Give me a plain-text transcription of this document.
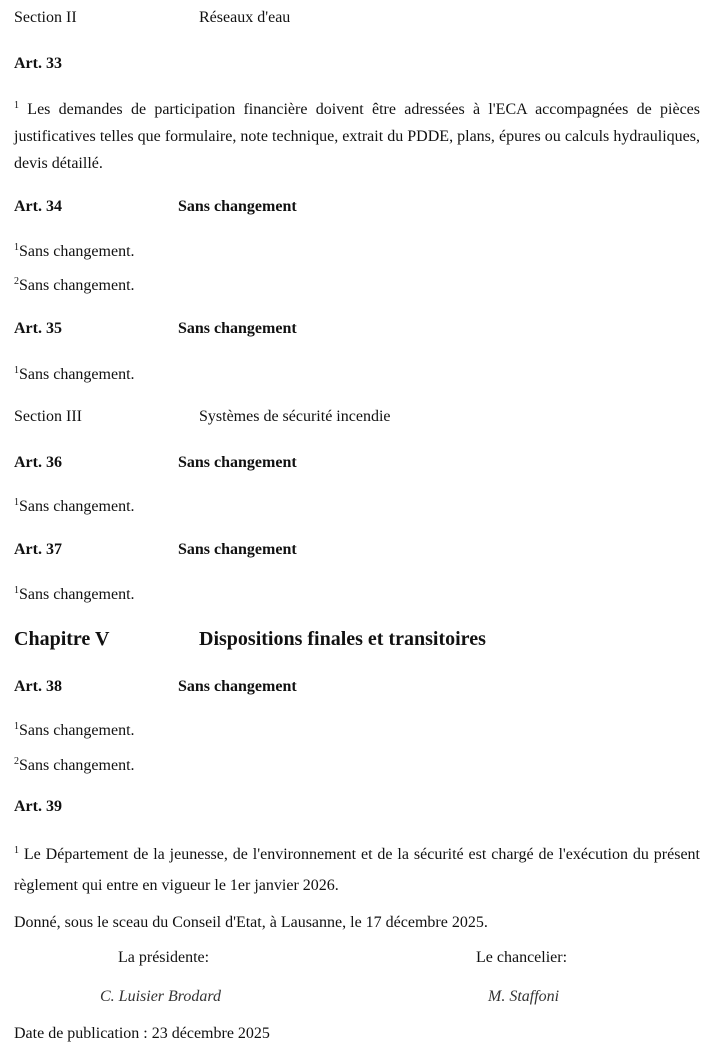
Section II	Réseaux d'eau
Art. 33
$^1$ Les demandes de participation financière doivent être adressées à l'ECA accompagnées de pièces justificatives telles que formulaire, note technique, extrait du PDDE, plans, épures ou calculs hydrauliques, devis détaillé.
Art. 34	Sans changement
$^1$Sans changement.
$^2$Sans changement.
Art. 35	Sans changement
$^1$Sans changement.
Section III	Systèmes de sécurité incendie
Art. 36	Sans changement
$^1$Sans changement.
Art. 37	Sans changement
$^1$Sans changement.
Chapitre V	Dispositions finales et transitoires
Art. 38	Sans changement
$^1$Sans changement.
$^2$Sans changement.
Art. 39
$^1$ Le Département de la jeunesse, de l'environnement et de la sécurité est chargé de l'exécution du présent règlement qui entre en vigueur le 1er janvier 2026.
Donné, sous le sceau du Conseil d'Etat, à Lausanne, le 17 décembre 2025.
La présidente:	Le chancelier:
C. Luisier Brodard	M. Staffoni
Date de publication : 23 décembre 2025
